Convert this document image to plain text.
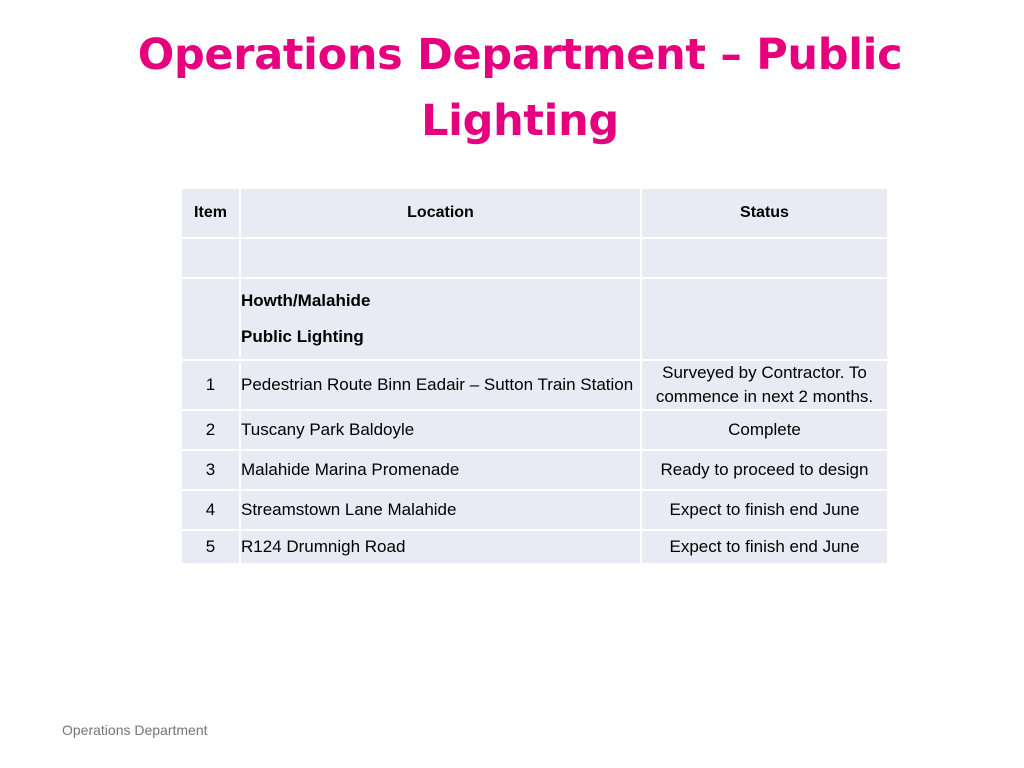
Operations Department – Public Lighting
Item	Location	Status

	Howth/Malahide
Public Lighting	

1	Pedestrian Route Binn Eadair – Sutton Train Station	Surveyed by Contractor. To commence in next 2 months.
2	Tuscany Park Baldoyle	Complete
3	Malahide Marina Promenade	Ready to proceed to design
4	Streamstown Lane Malahide	Expect to finish end June
5	R124 Drumnigh Road	Expect to finish end June
Operations Department
